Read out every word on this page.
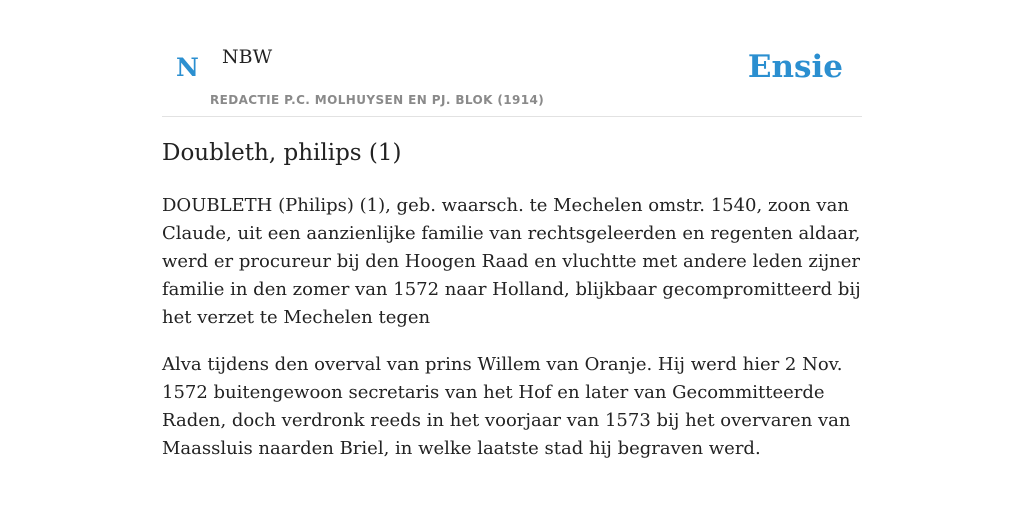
N NBW
REDACTIE P.C. MOLHUYSEN EN PJ. BLOK (1914)
Ensie
Doubleth, philips (1)

DOUBLETH (Philips) (1), geb. waarsch. te Mechelen omstr. 1540, zoon van Claude, uit een aanzienlijke familie van rechtsgeleerden en regenten aldaar, werd er procureur bij den Hoogen Raad en vluchtte met andere leden zijner familie in den zomer van 1572 naar Holland, blijkbaar gecompromitteerd bij het verzet te Mechelen tegen

Alva tijdens den overval van prins Willem van Oranje. Hij werd hier 2 Nov. 1572 buitengewoon secretaris van het Hof en later van Gecommitteerde Raden, doch verdronk reeds in het voorjaar van 1573 bij het overvaren van Maassluis naarden Briel, in welke laatste stad hij begraven werd.
